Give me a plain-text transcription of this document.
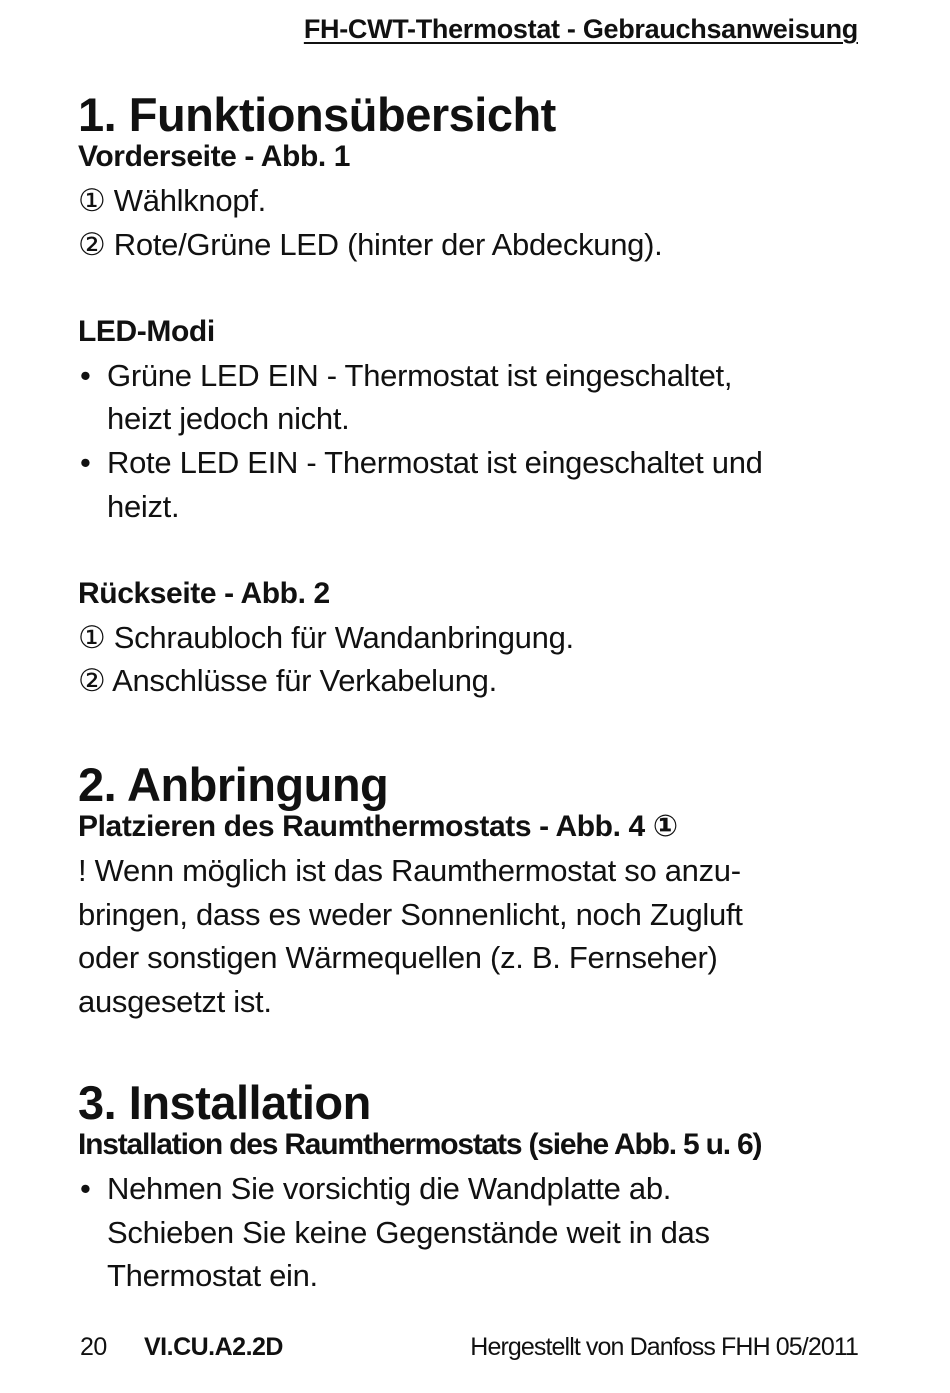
FH-CWT-Thermostat - Gebrauchsanweisung
1. Funktionsübersicht
Vorderseite - Abb. 1

① Wählknopf.

② Rote/Grüne LED (hinter der Abdeckung).

LED-Modi
• Grüne LED EIN - Thermostat ist eingeschaltet,
heizt jedoch nicht.
• Rote LED EIN - Thermostat ist eingeschaltet und
heizt.
Rückseite - Abb. 2

① Schraubloch für Wandanbringung.

② Anschlüsse für Verkabelung.

2. Anbringung
Platzieren des Raumthermostats - Abb. 4 ①

! Wenn möglich ist das Raumthermostat so anzu-

bringen, dass es weder Sonnenlicht, noch Zugluft

oder sonstigen Wärmequellen (z. B. Fernseher)

ausgesetzt ist.

3. Installation
Installation des Raumthermostats (siehe Abb. 5 u. 6)
• Nehmen Sie vorsichtig die Wandplatte ab.
Schieben Sie keine Gegenstände weit in das
Thermostat ein.
20 VI.CU.A2.2D	Hergestellt von Danfoss FHH 05/2011
